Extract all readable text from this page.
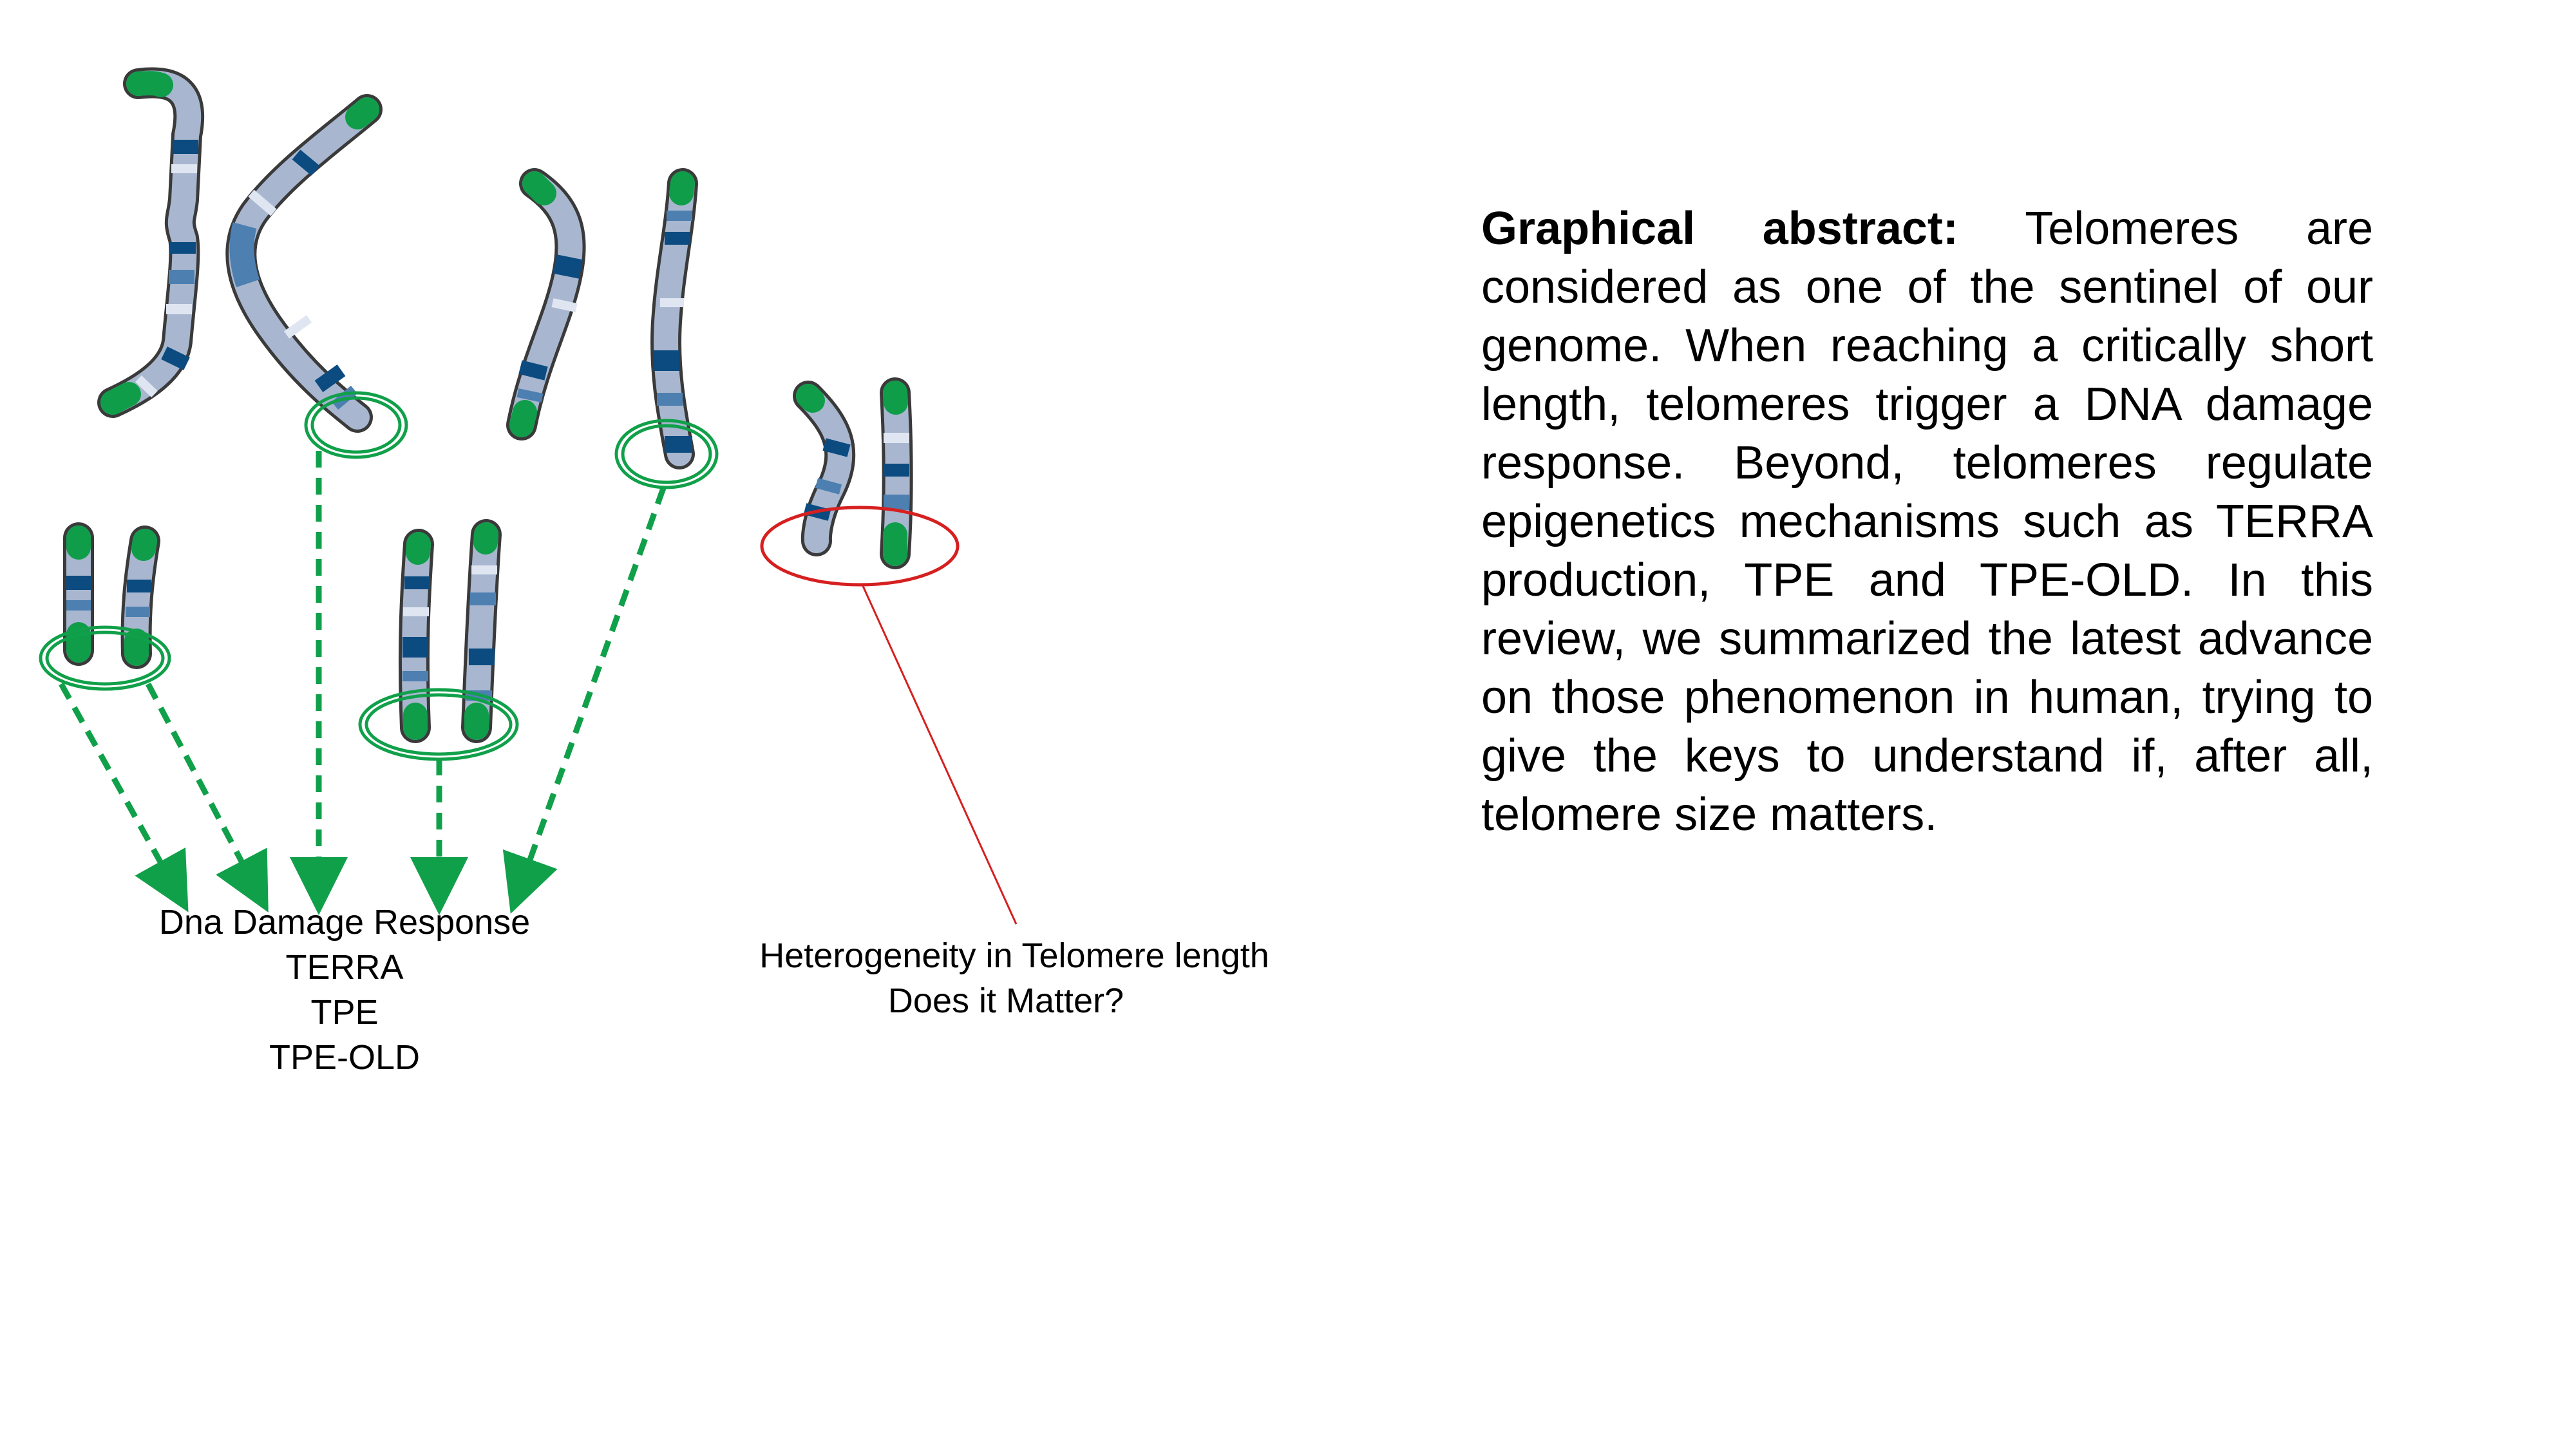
Dna Damage Response
TERRA
TPE
TPE-OLD
Heterogeneity in Telomere length
Does it Matter?

Graphical abstract: Telomeres are considered as one of the sentinel of our genome. When reaching a critically short length, telomeres trigger a DNA damage response. Beyond, telomeres regulate epigenetics mechanisms such as TERRA production, TPE and TPE-OLD. In this review, we summarized the latest advance on those phenomenon in human, trying to give the keys to understand if, after all, telomere size matters.
